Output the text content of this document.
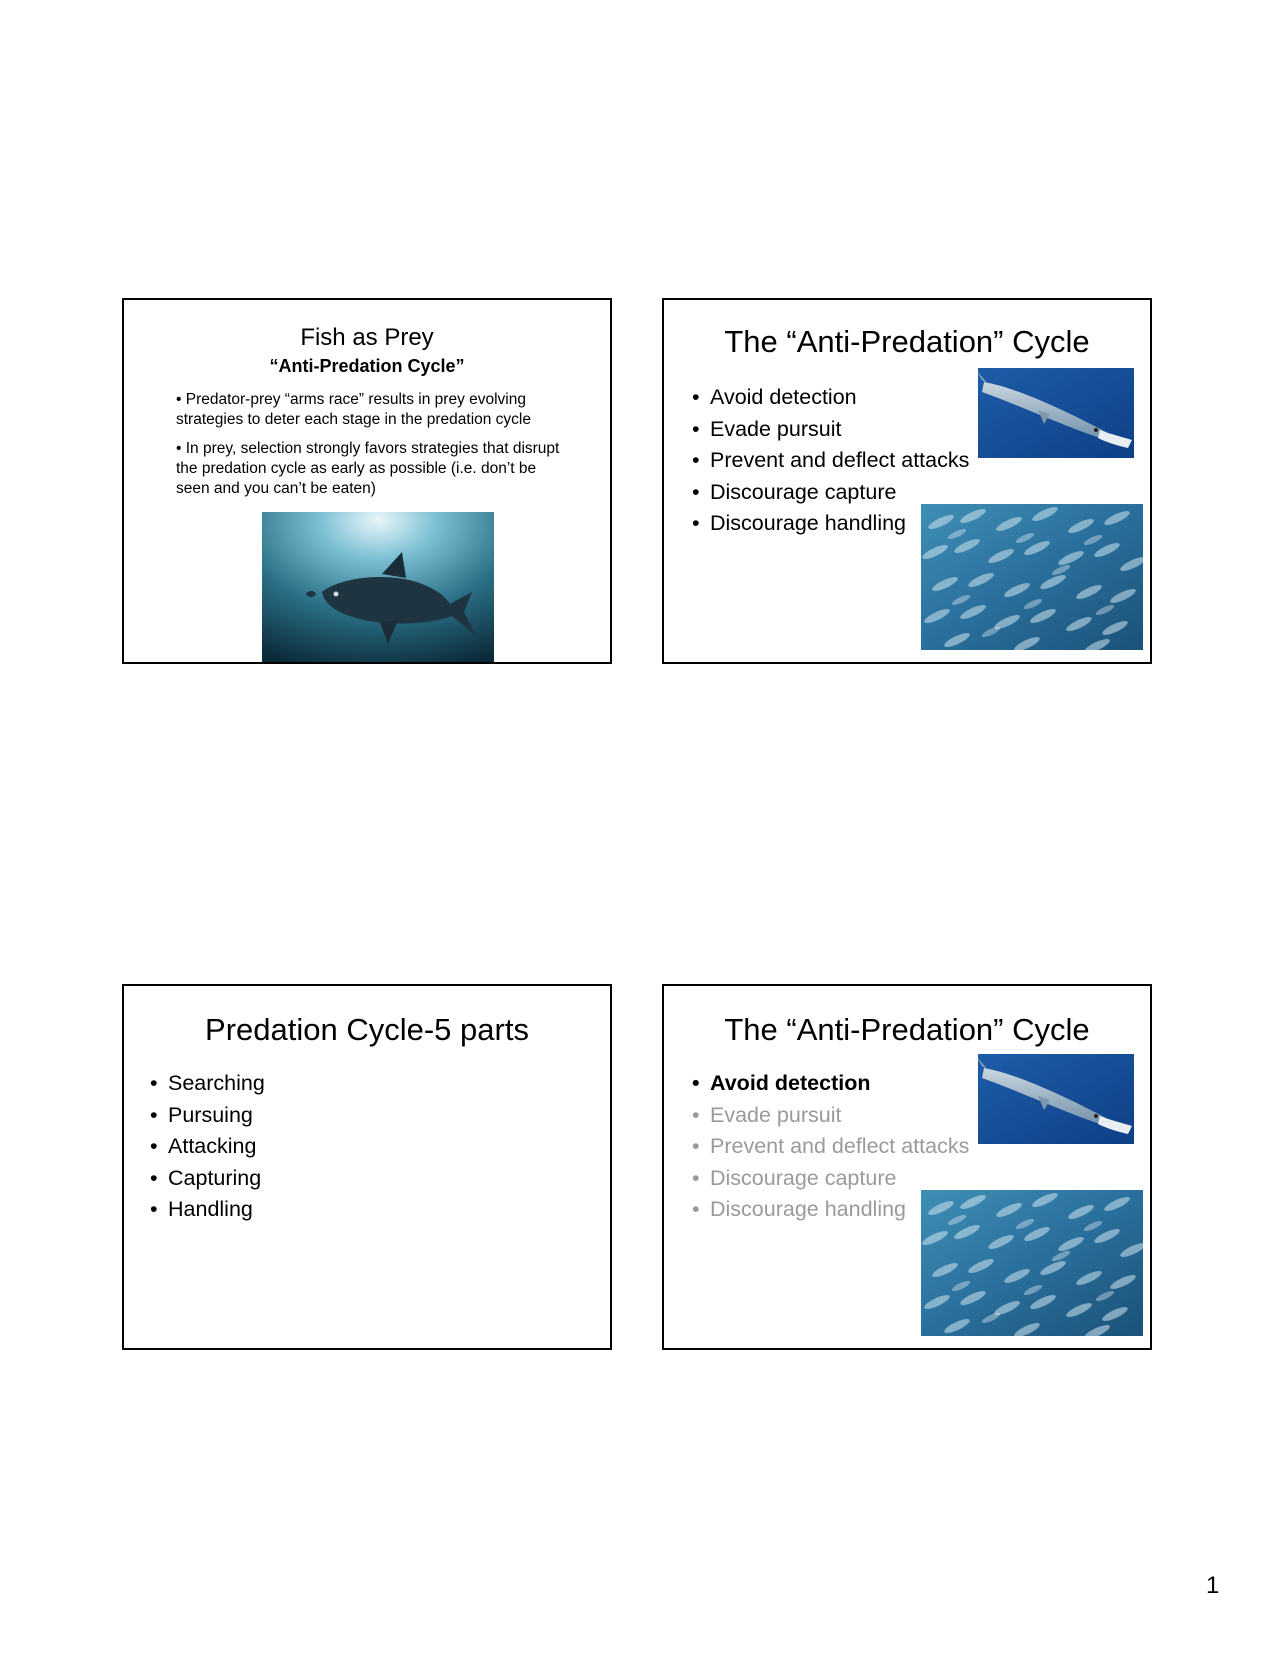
Fish as Prey
“Anti-Predation Cycle”
• Predator-prey “arms race” results in prey evolving
strategies to deter each stage in the predation cycle
• In prey, selection strongly favors strategies that disrupt
the predation cycle as early as possible (i.e. don’t be
seen and you can’t be eaten)
The “Anti-Predation” Cycle
• Avoid detection
• Evade pursuit
• Prevent and deflect attacks
• Discourage capture
• Discourage handling
Predation Cycle-5 parts
• Searching
• Pursuing
• Attacking
• Capturing
• Handling
The “Anti-Predation” Cycle
• Avoid detection
• Evade pursuit
• Prevent and deflect attacks
• Discourage capture
• Discourage handling
1
